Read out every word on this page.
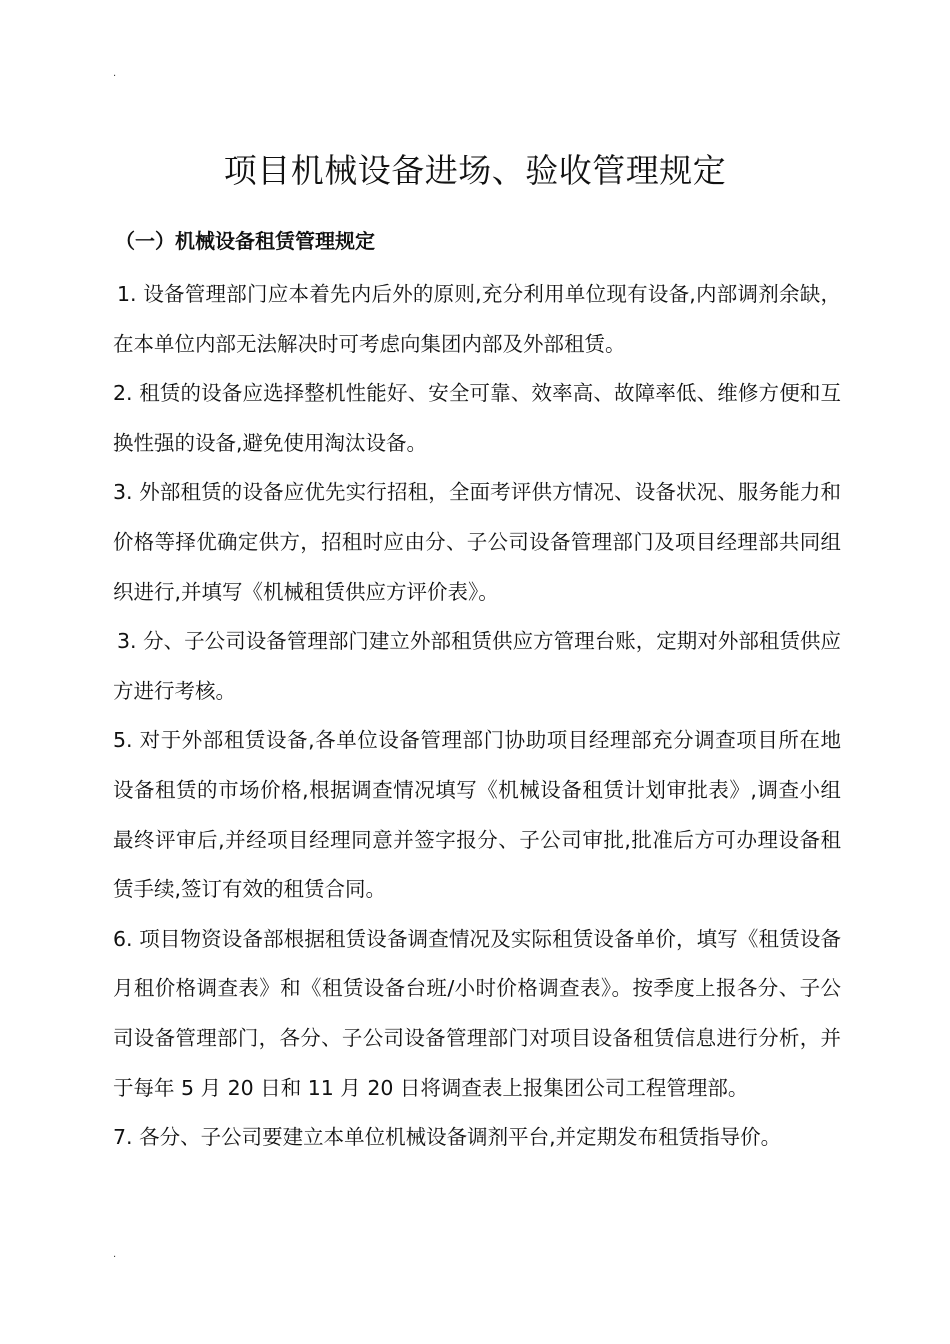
·
项目机械设备进场、验收管理规定
（一）机械设备租赁管理规定

1. 设备管理部门应本着先内后外的原则,充分利用单位现有设备,内部调剂余缺，在本单位内部无法解决时可考虑向集团内部及外部租赁。

2. 租赁的设备应选择整机性能好、安全可靠、效率高、故障率低、维修方便和互换性强的设备,避免使用淘汰设备。

3. 外部租赁的设备应优先实行招租，全面考评供方情况、设备状况、服务能力和价格等择优确定供方，招租时应由分、子公司设备管理部门及项目经理部共同组织进行,并填写《机械租赁供应方评价表》。

3. 分、子公司设备管理部门建立外部租赁供应方管理台账，定期对外部租赁供应方进行考核。

5. 对于外部租赁设备,各单位设备管理部门协助项目经理部充分调查项目所在地设备租赁的市场价格,根据调查情况填写《机械设备租赁计划审批表》,调查小组最终评审后,并经项目经理同意并签字报分、子公司审批,批准后方可办理设备租赁手续,签订有效的租赁合同。

6. 项目物资设备部根据租赁设备调查情况及实际租赁设备单价，填写《租赁设备月租价格调查表》和《租赁设备台班/小时价格调查表》。按季度上报各分、子公司设备管理部门，各分、子公司设备管理部门对项目设备租赁信息进行分析，并于每年 5 月 20 日和 11 月 20 日将调查表上报集团公司工程管理部。

7. 各分、子公司要建立本单位机械设备调剂平台,并定期发布租赁指导价。

·
